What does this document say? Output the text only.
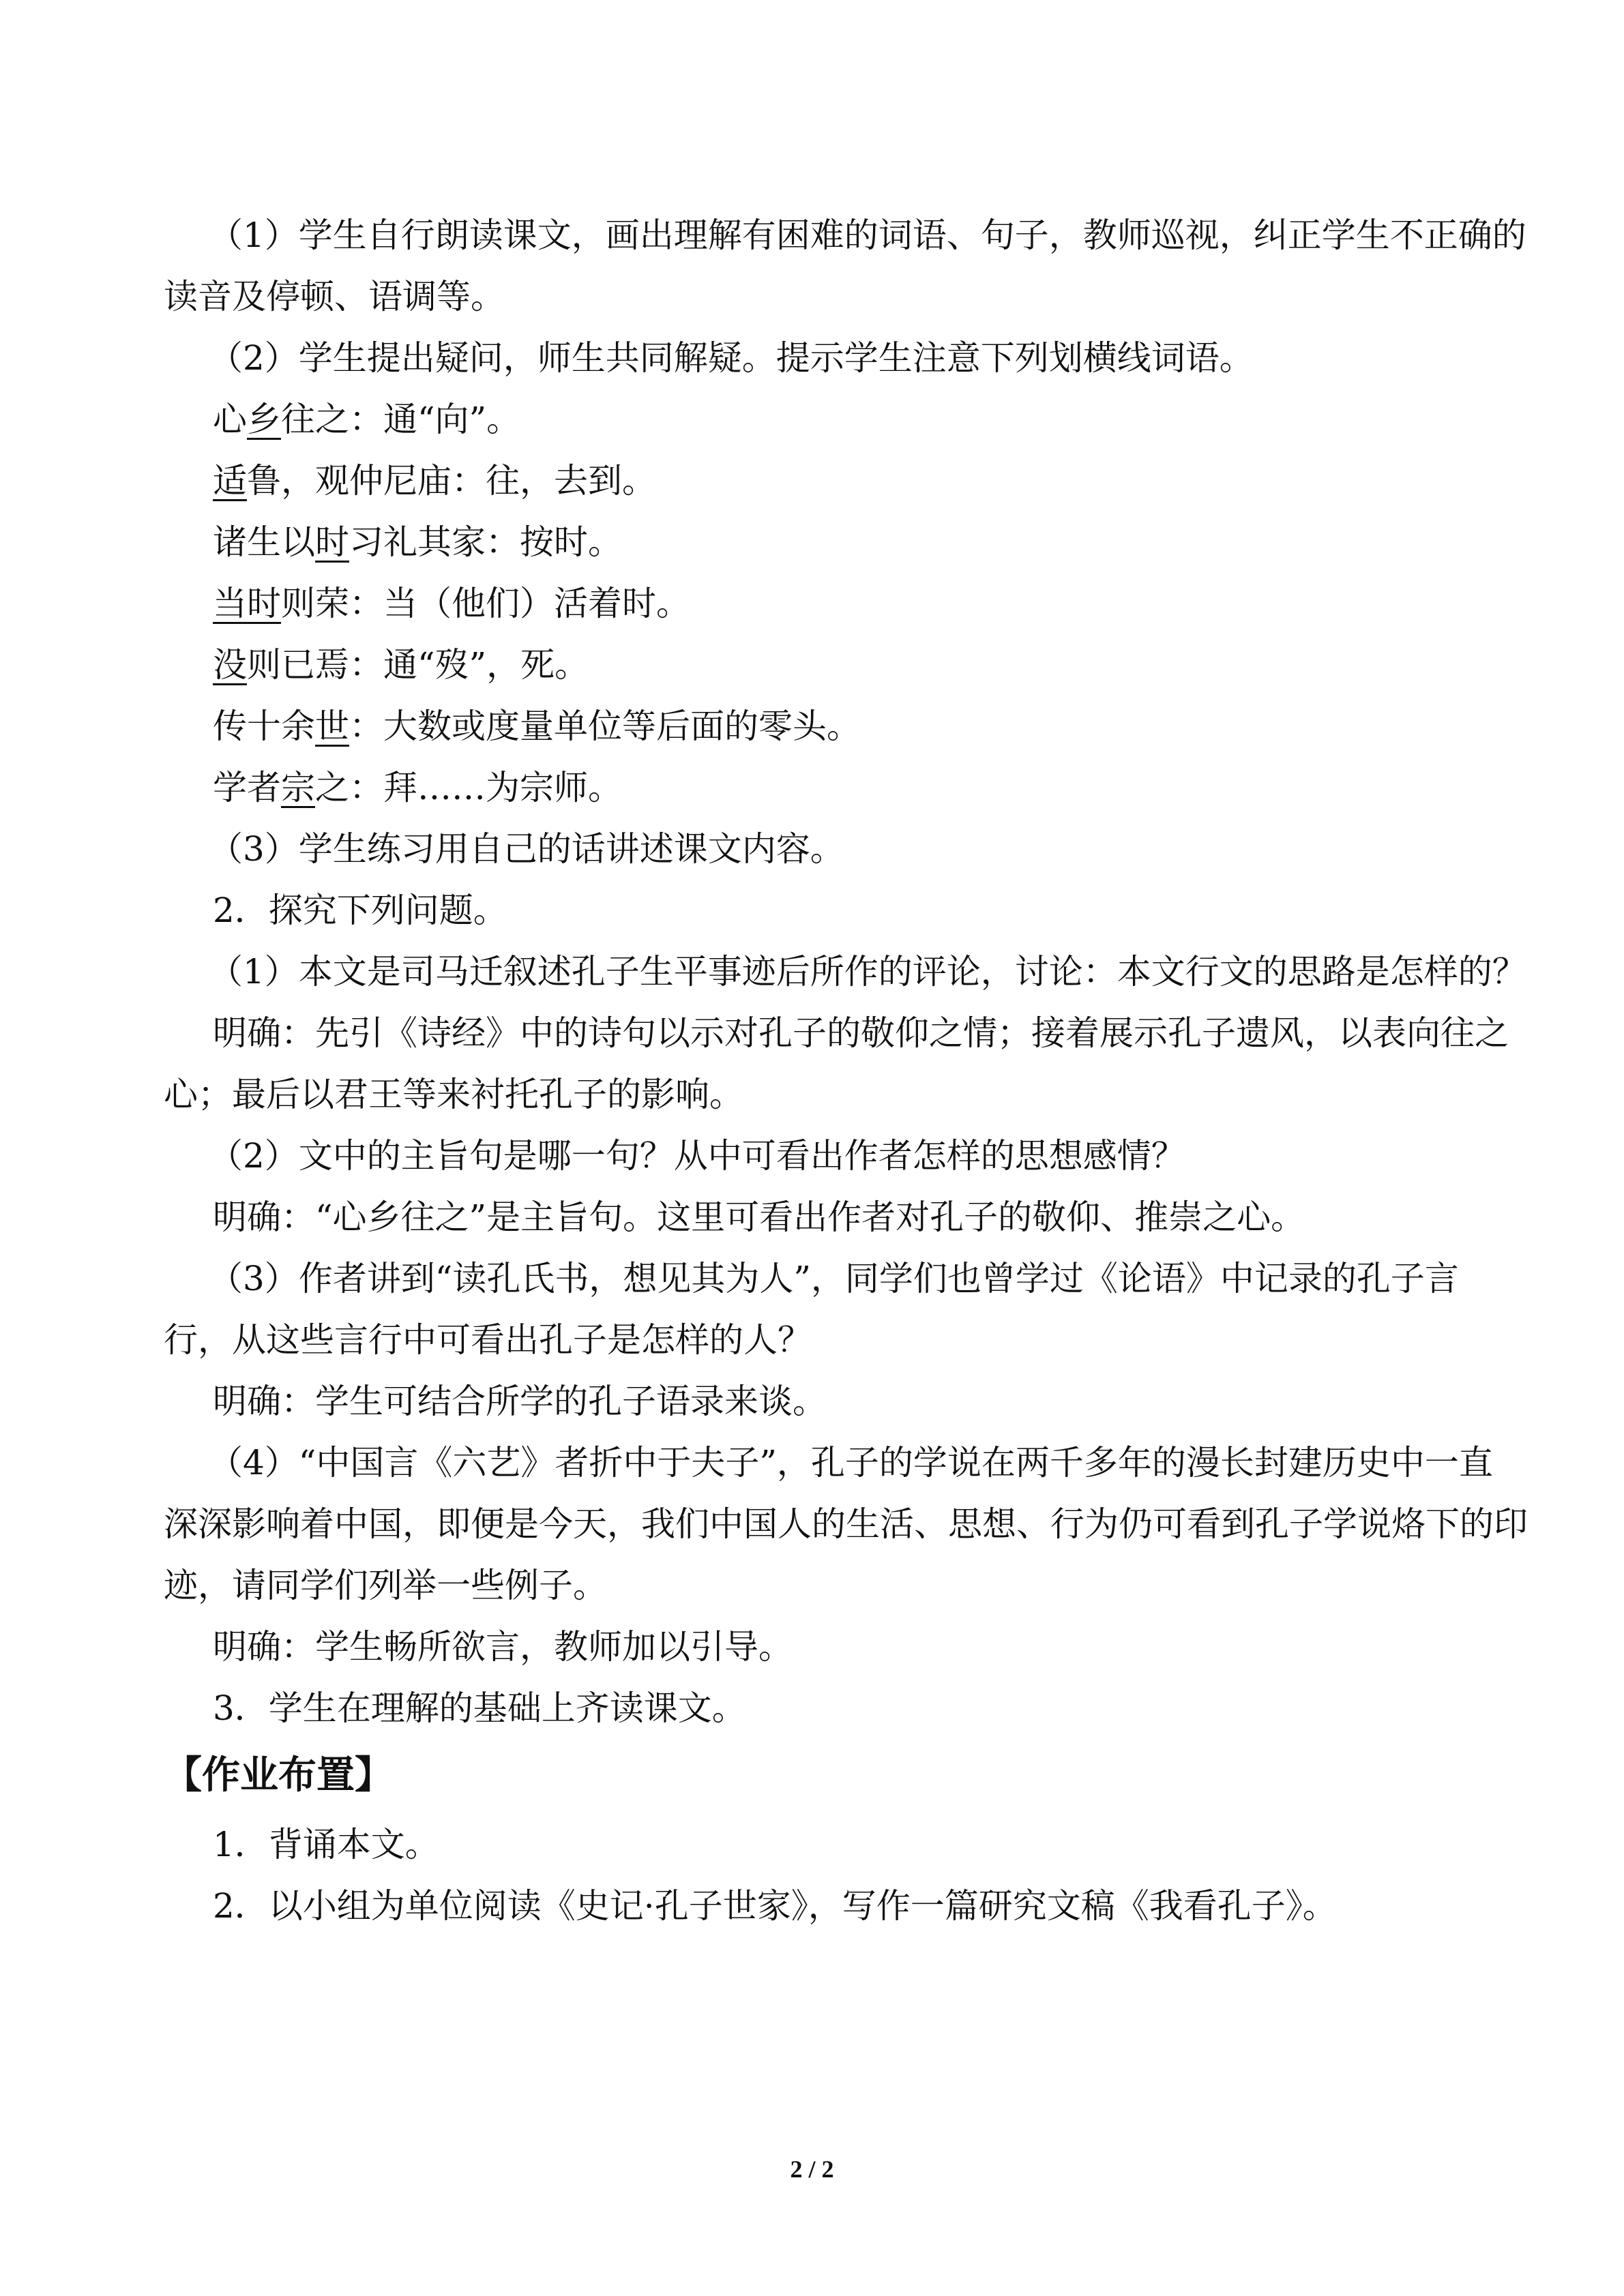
（1）学生自行朗读课文，画出理解有困难的词语、句子，教师巡视，纠正学生不正确的

读音及停顿、语调等。

（2）学生提出疑问，师生共同解疑。提示学生注意下列划横线词语。

心乡往之：通“向”。

适鲁，观仲尼庙：往，去到。

诸生以时习礼其家：按时。

当时则荣：当（他们）活着时。

没则已焉：通“歿”，死。

传十余世：大数或度量单位等后面的零头。

学者宗之：拜……为宗师。

（3）学生练习用自己的话讲述课文内容。

2．探究下列问题。

（1）本文是司马迁叙述孔子生平事迹后所作的评论，讨论：本文行文的思路是怎样的？

明确：先引《诗经》中的诗句以示对孔子的敬仰之情；接着展示孔子遗风，以表向往之

心；最后以君王等来衬托孔子的影响。

（2）文中的主旨句是哪一句？从中可看出作者怎样的思想感情？

明确：“心乡往之”是主旨句。这里可看出作者对孔子的敬仰、推崇之心。

（3）作者讲到“读孔氏书，想见其为人”，同学们也曾学过《论语》中记录的孔子言

行，从这些言行中可看出孔子是怎样的人？

明确：学生可结合所学的孔子语录来谈。

（4）“中国言《六艺》者折中于夫子”，孔子的学说在两千多年的漫长封建历史中一直

深深影响着中国，即便是今天，我们中国人的生活、思想、行为仍可看到孔子学说烙下的印

迹，请同学们列举一些例子。

明确：学生畅所欲言，教师加以引导。

3．学生在理解的基础上齐读课文。

【作业布置】

1．背诵本文。

2．以小组为单位阅读《史记·孔子世家》，写作一篇研究文稿《我看孔子》。

2 / 2
